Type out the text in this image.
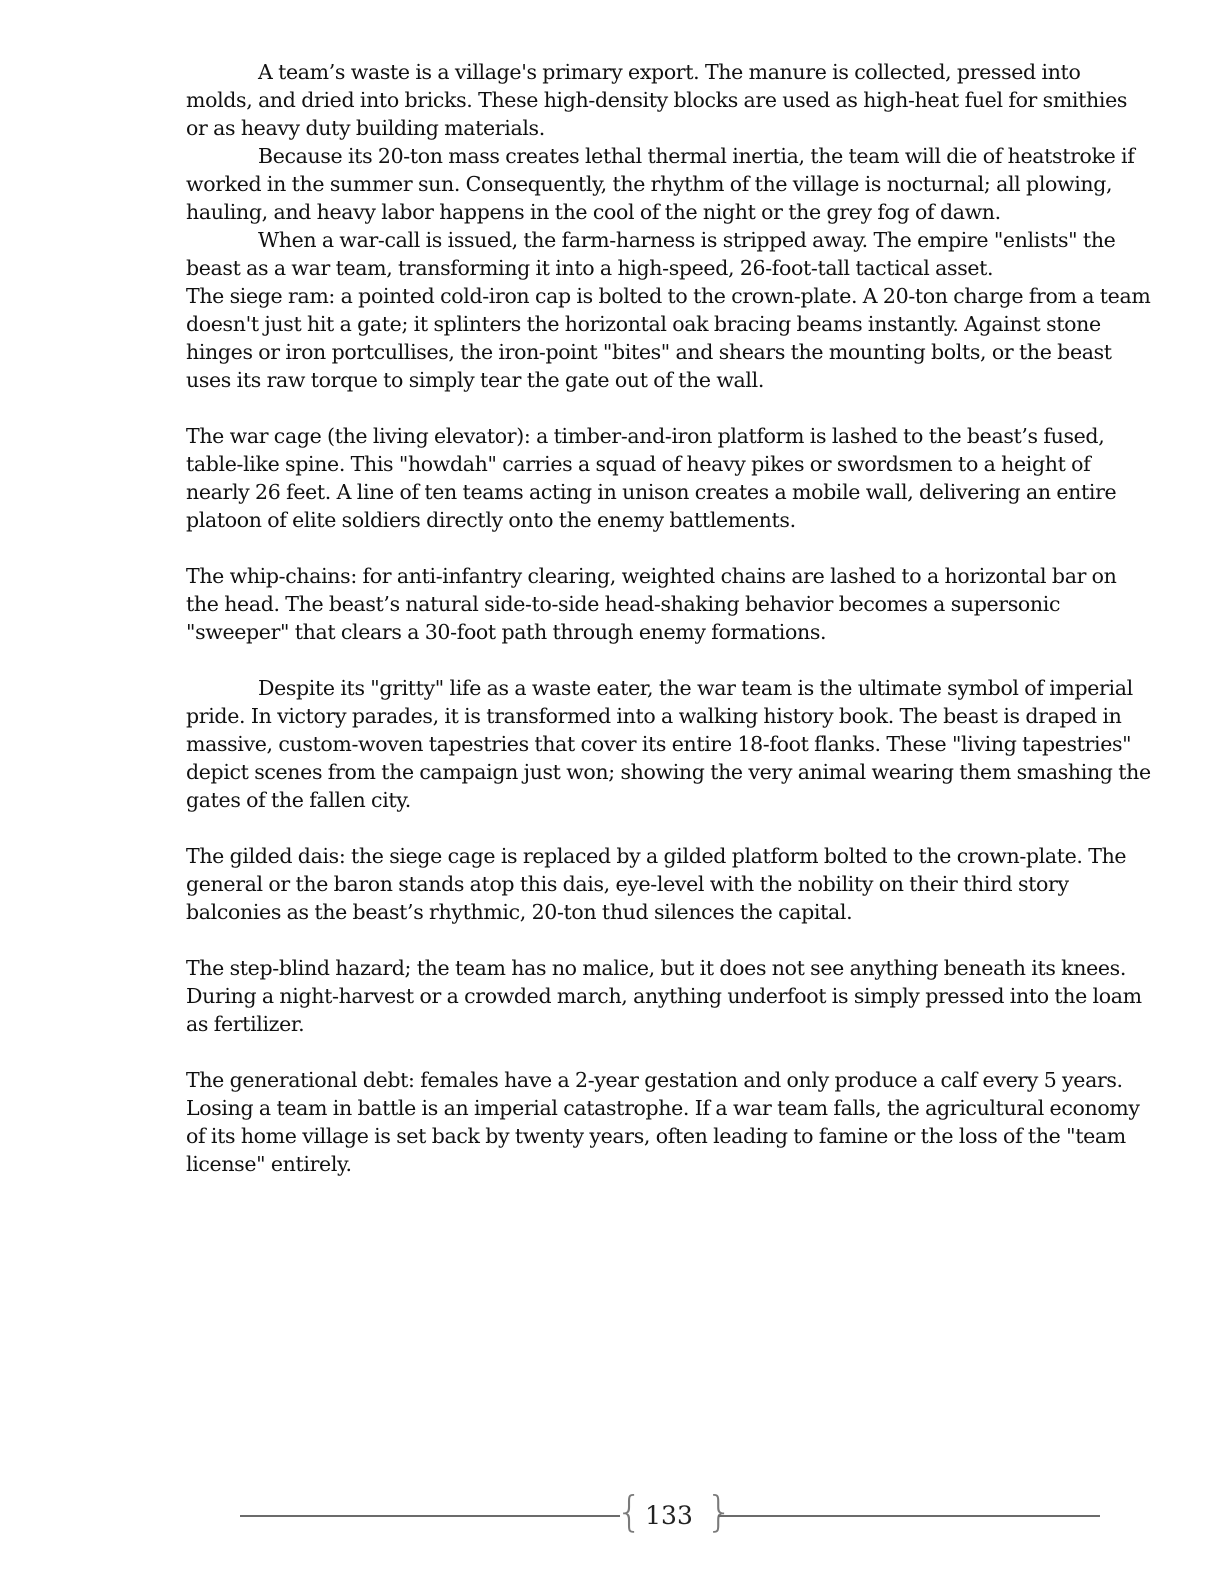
A team’s waste is a village's primary export. The manure is collected, pressed into molds, and dried into bricks. These high-density blocks are used as high-heat fuel for smithies or as heavy duty building materials.

Because its 20-ton mass creates lethal thermal inertia, the team will die of heatstroke if worked in the summer sun. Consequently, the rhythm of the village is nocturnal; all plowing, hauling, and heavy labor happens in the cool of the night or the grey fog of dawn.

When a war-call is issued, the farm-harness is stripped away. The empire "enlists" the beast as a war team, transforming it into a high-speed, 26-foot-tall tactical asset.

The siege ram: a pointed cold-iron cap is bolted to the crown-plate. A 20-ton charge from a team doesn't just hit a gate; it splinters the horizontal oak bracing beams instantly. Against stone hinges or iron portcullises, the iron-point "bites" and shears the mounting bolts, or the beast uses its raw torque to simply tear the gate out of the wall.

The war cage (the living elevator): a timber-and-iron platform is lashed to the beast’s fused, table-like spine. This "howdah" carries a squad of heavy pikes or swordsmen to a height of nearly 26 feet. A line of ten teams acting in unison creates a mobile wall, delivering an entire platoon of elite soldiers directly onto the enemy battlements.

The whip-chains: for anti-infantry clearing, weighted chains are lashed to a horizontal bar on the head. The beast’s natural side-to-side head-shaking behavior becomes a supersonic "sweeper" that clears a 30-foot path through enemy formations.

Despite its "gritty" life as a waste eater, the war team is the ultimate symbol of imperial pride. In victory parades, it is transformed into a walking history book. The beast is draped in massive, custom-woven tapestries that cover its entire 18-foot flanks. These "living tapestries" depict scenes from the campaign just won; showing the very animal wearing them smashing the gates of the fallen city.

The gilded dais: the siege cage is replaced by a gilded platform bolted to the crown-plate. The general or the baron stands atop this dais, eye-level with the nobility on their third story balconies as the beast’s rhythmic, 20-ton thud silences the capital.

The step-blind hazard; the team has no malice, but it does not see anything beneath its knees. During a night-harvest or a crowded march, anything underfoot is simply pressed into the loam as fertilizer.

The generational debt: females have a 2-year gestation and only produce a calf every 5 years. Losing a team in battle is an imperial catastrophe. If a war team falls, the agricultural economy of its home village is set back by twenty years, often leading to famine or the loss of the "team license" entirely.

{ 133 }
